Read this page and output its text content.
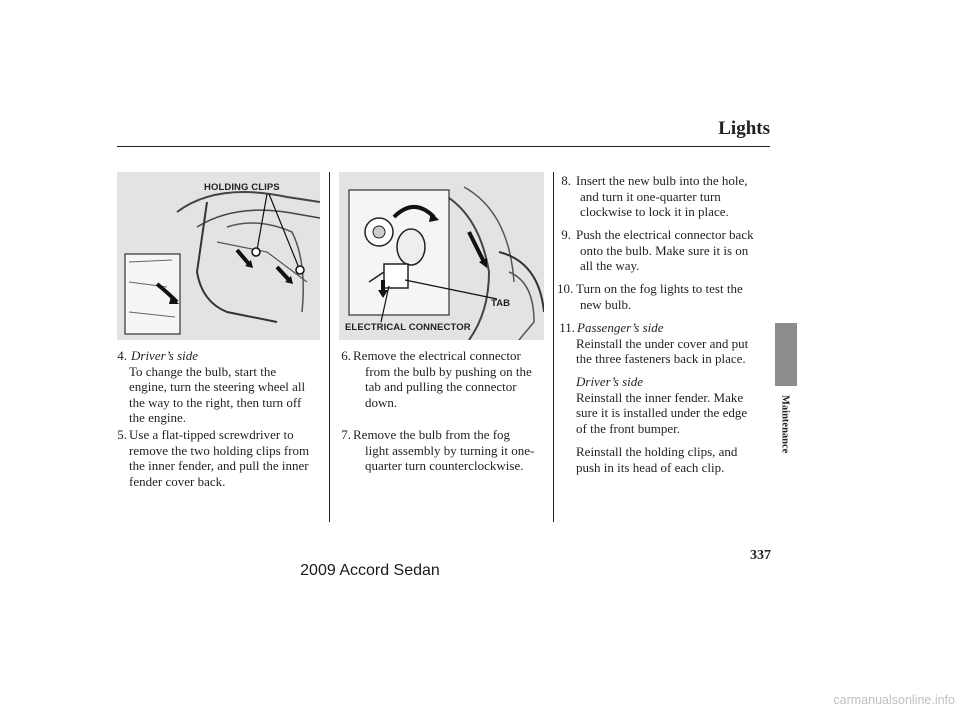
Lights
HOLDING CLIPS
TAB
ELECTRICAL CONNECTOR
4. Driver’s side
To change the bulb, start the
engine, turn the steering wheel all
the way to the right, then turn off
the engine.
5. Use a flat-tipped screwdriver to
remove the two holding clips from
the inner fender, and pull the inner
fender cover back.
6. Remove the electrical connector
from the bulb by pushing on the
tab and pulling the connector
down.
7. Remove the bulb from the fog
light assembly by turning it one-
quarter turn counterclockwise.
8. Insert the new bulb into the hole,
and turn it one-quarter turn
clockwise to lock it in place.
9. Push the electrical connector back
onto the bulb. Make sure it is on
all the way.
10. Turn on the fog lights to test the
new bulb.
11. Passenger’s side
Reinstall the under cover and put
the three fasteners back in place.
Driver’s side
Reinstall the inner fender. Make
sure it is installed under the edge
of the front bumper.
Reinstall the holding clips, and
push in its head of each clip.
Maintenance
337
2009 Accord Sedan
carmanualsonline.info
